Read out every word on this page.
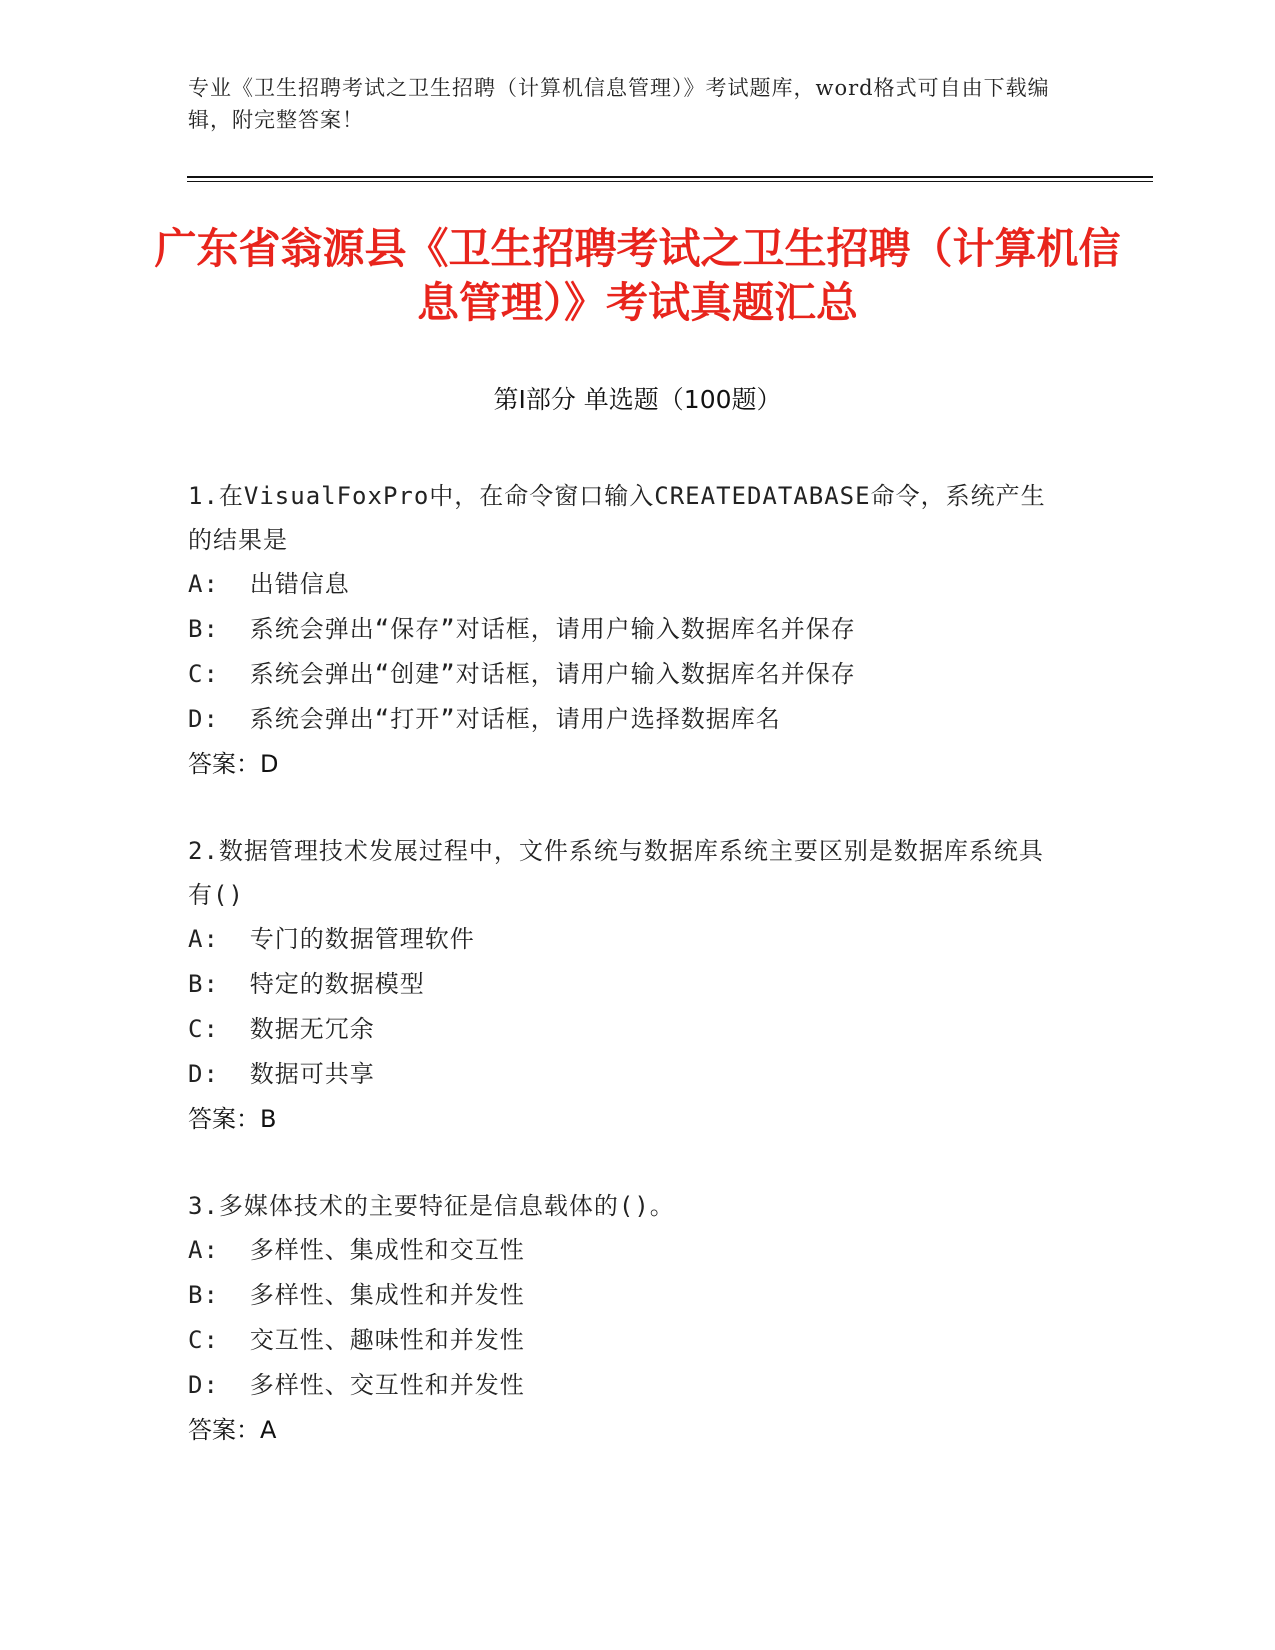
专业《卫生招聘考试之卫生招聘（计算机信息管理）》考试题库，word格式可自由下载编辑，附完整答案！
广东省翁源县《卫生招聘考试之卫生招聘（计算机信息管理）》考试真题汇总
第Ⅰ部分 单选题（100题）
1.在VisualFoxPro中，在命令窗口输入CREATEDATABASE命令，系统产生的结果是
A:  出错信息
B:  系统会弹出“保存”对话框，请用户输入数据库名并保存
C:  系统会弹出“创建”对话框，请用户输入数据库名并保存
D:  系统会弹出“打开”对话框，请用户选择数据库名
答案：D
2.数据管理技术发展过程中，文件系统与数据库系统主要区别是数据库系统具有()
A:  专门的数据管理软件
B:  特定的数据模型
C:  数据无冗余
D:  数据可共享
答案：B
3.多媒体技术的主要特征是信息载体的()。
A:  多样性、集成性和交互性
B:  多样性、集成性和并发性
C:  交互性、趣味性和并发性
D:  多样性、交互性和并发性
答案：A
